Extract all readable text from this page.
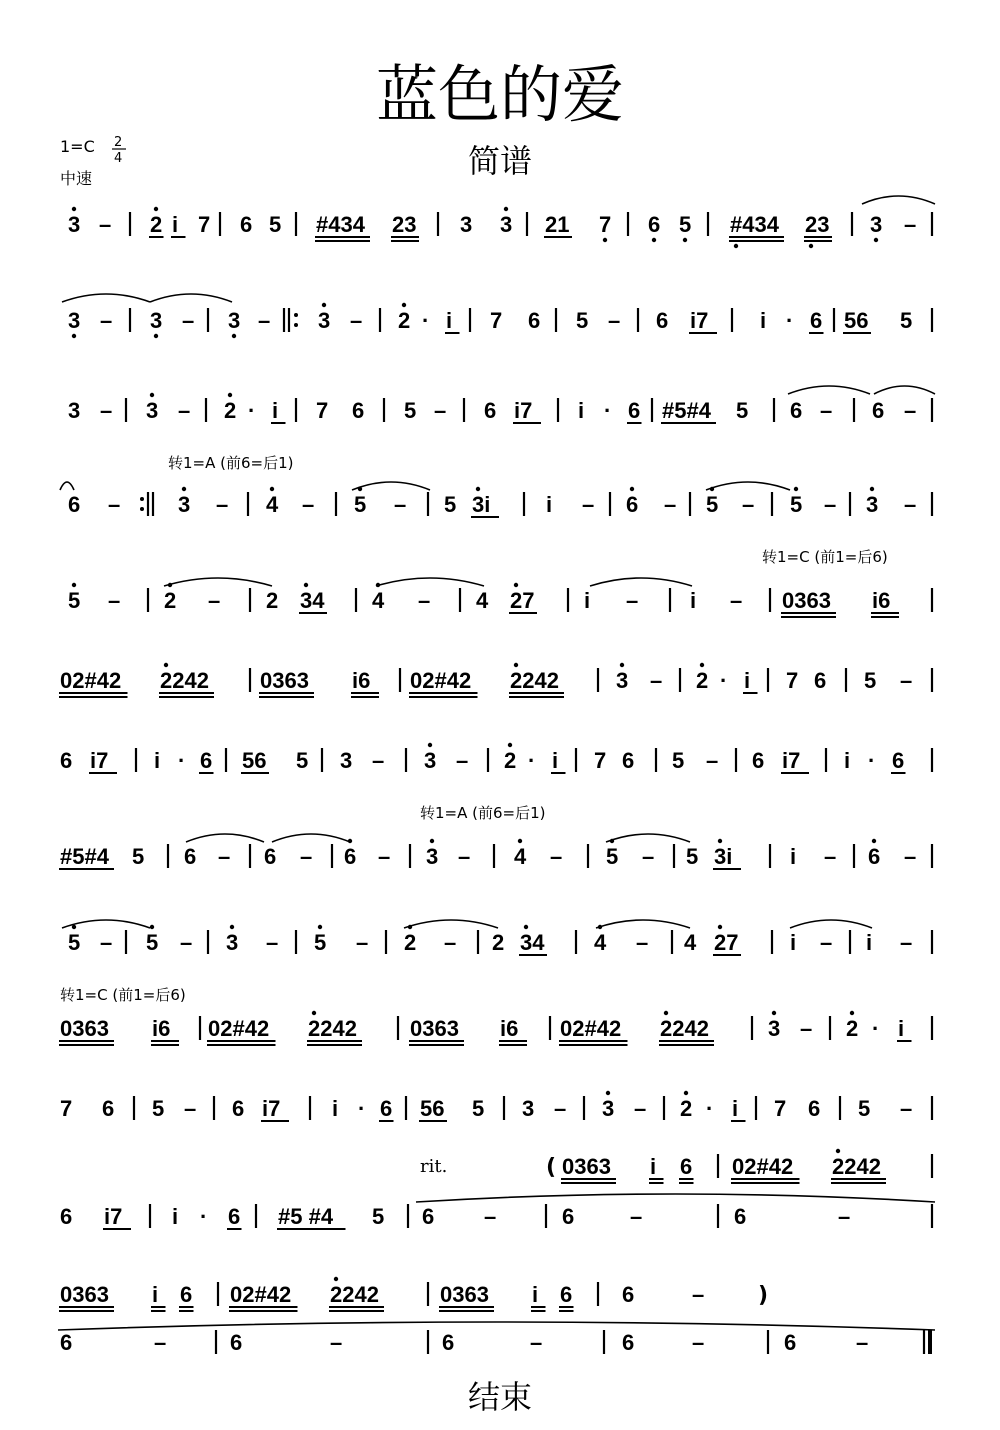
蓝色的爱
简谱
1=C 2
4
中速
转1=A (前6=后1)
转1=C (前1=后6)
转1=A (前6=后1)
转1=C (前1=后6)
rit.	(
)
结束
3 – 2 i 7 6 5 #434 23 3 3 21 7 6 5 #434 23 3 –
3 – 3 – 3 – 3 – 2 · i 7 6 5 – 6 i7 i · 6 56 5
3 – 3 – 2 · i 7 6 5 – 6 i7 i · 6 #5#4 5 6 – 6 –
6 –	3 – 4 – 5 – 5 3i	i – 6 – 5 – 5 – 3 –
5 – 2 – 2 34 4 – 4 27 i – i – 0363 i6
02#42 2242 0363 i6 02#42 2242	3 – 2 · i 7 6 5 –
6 i7 i · 6 56 5 3 – 3 – 2 · i 7 6 5 – 6 i7 i · 6
#5#4 5 6 – 6 – 6 – 3 – 4 – 5 – 5 3i	i – 6 –
5 – 5 – 3 – 5 – 2 – 2 34 4 – 4 27 i – i –
0363 i6 02#42 2242 0363 i6 02#42 2242	3 – 2 · i
7 6 5 – 6 i7 i · 6 56 5 3 – 3 – 2 · i 7 6 5 –
0363 i 6 02#42 2242
6 i7 i · 6 #5 #4 5 6 –	6	–	6	–
0363 i 6 02#42 2242	0363 i 6 6	–
6	–	6	–	6	–	6	–	6	–
